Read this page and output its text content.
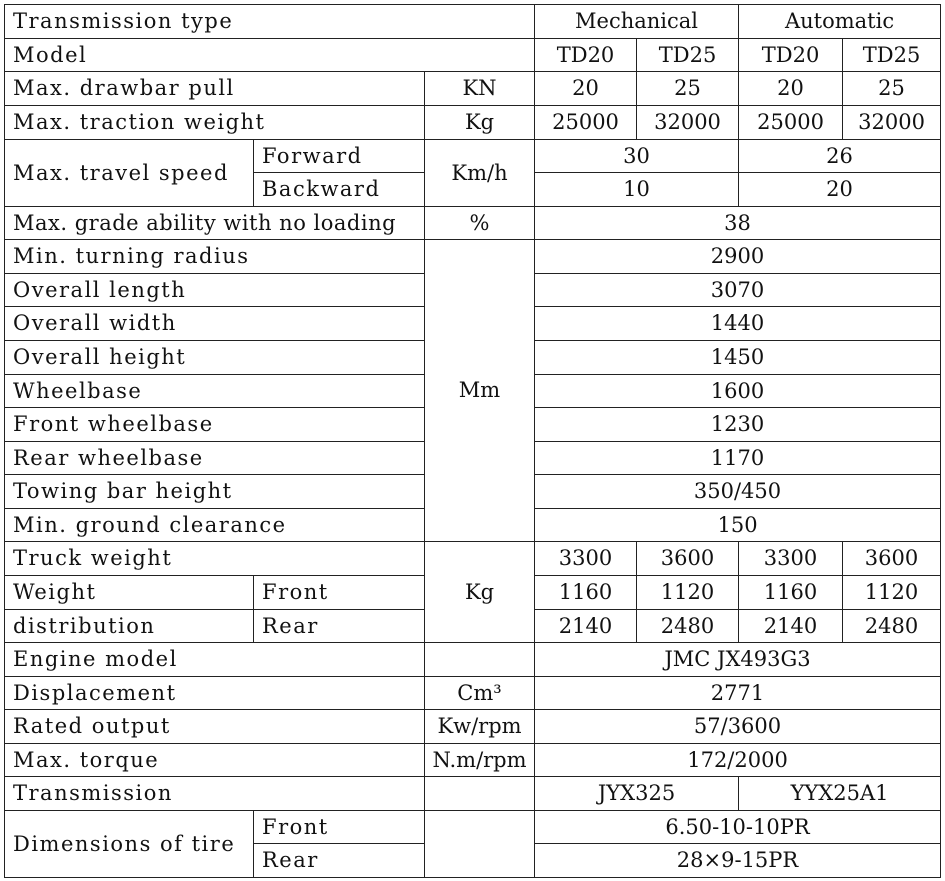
Transmission type			Mechanical		Automatic	
Model			TD20	TD25	TD20	TD25
Max. drawbar pull		KN	20	25	20	25
Max. traction weight		Kg	25000	32000	25000	32000
Max. travel speed	Forward	Km/h	30		26	
	Backward		10		20	
Max. grade ability with no loading		%	38			
Min. turning radius		Mm	2900			
Overall length			3070			
Overall width			1440			
Overall height			1450			
Wheelbase			1600			
Front wheelbase			1230			
Rear wheelbase			1170			
Towing bar height			350/450			
Min. ground clearance			150			
Truck weight		Kg	3300	3600	3300	3600
Weight	Front		1160	1120	1160	1120
distribution	Rear		2140	2480	2140	2480
Engine model			JMC JX493G3			
Displacement		Cm³	2771			
Rated output		Kw/rpm	57/3600			
Max. torque		N.m/rpm	172/2000			
Transmission			JYX325		YYX25A1	
Dimensions of tire	Front		6.50-10-10PR			
	Rear		28×9-15PR			
